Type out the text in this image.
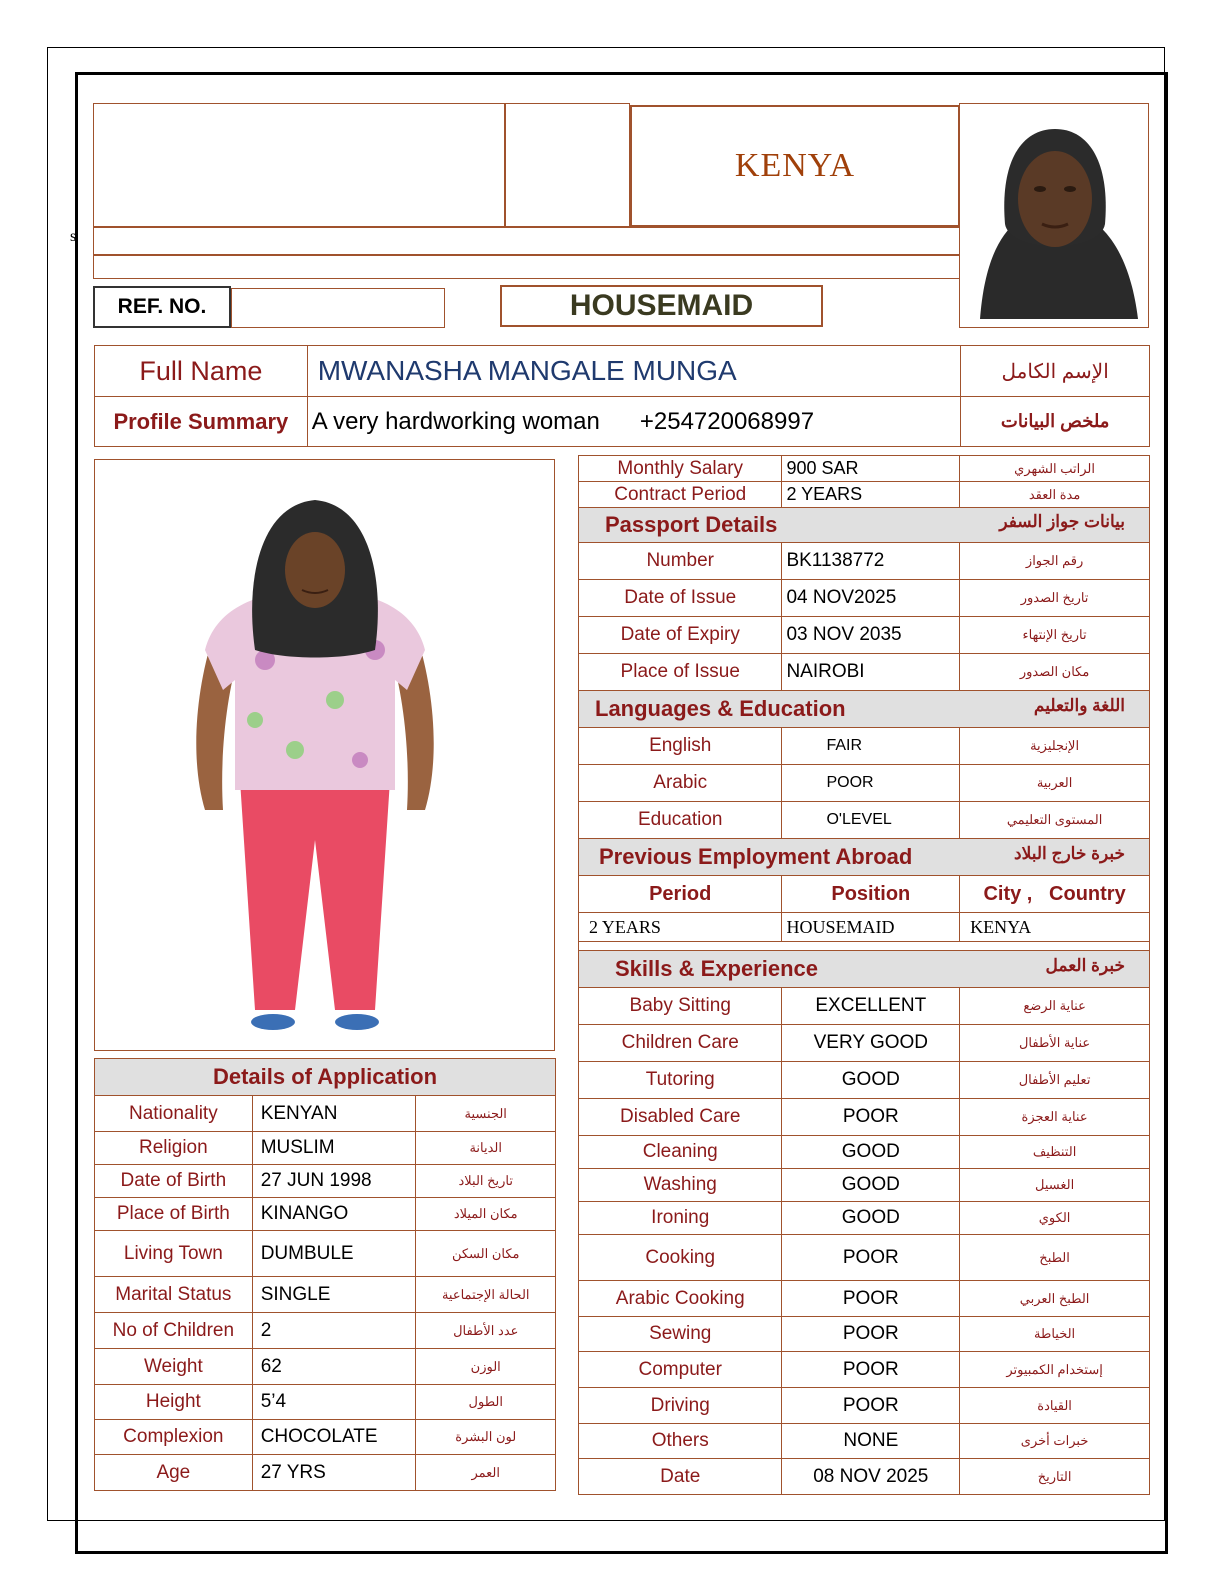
KENYA
s
REF. NO.	HOUSEMAID
Full Name	MWANASHA MANGALE MUNGA	الإسم الكامل
Profile Summary	A very hardworking woman      +254720068997	ملخص البيانات
Details of Application		
Nationality	KENYAN	الجنسية
Religion	MUSLIM	الديانة
Date of Birth	27 JUN 1998	تاريخ البلاد
Place of Birth	KINANGO	مكان الميلاد
Living Town	DUMBULE	مكان السكن
Marital Status	SINGLE	الحالة الإجتماعية
No of Children	2	عدد الأطفال
Weight	62	الوزن
Height	5’4	الطول
Complexion	CHOCOLATE	لون البشرة
Age	27 YRS	العمر
Monthly Salary	900 SAR	الراتب الشهري
Contract Period	2 YEARS	مدة العقد
Passport Details بيانات جواز السفر		

Number	BK1138772	رقم الجواز
Date of Issue	04 NOV2025	تاريخ الصدور
Date of Expiry	03 NOV 2035	تاريخ الإنتهاء
Place of Issue	NAIROBI	مكان الصدور
Languages & Education اللغة والتعليم		

English	FAIR	الإنجليزية
Arabic	POOR	العربية
Education	O'LEVEL	المستوى التعليمي
Previous Employment Abroad خبرة خارج البلاد		

Period	Position	City ,   Country
2 YEARS	HOUSEMAID	KENYA

Skills & Experience خبرة العمل		

Baby Sitting	EXCELLENT	عناية الرضع
Children Care	VERY GOOD	عناية الأطفال
Tutoring	GOOD	تعليم الأطفال
Disabled Care	POOR	عناية العجزة
Cleaning	GOOD	التنظيف
Washing	GOOD	الغسيل
Ironing	GOOD	الكوي
Cooking	POOR	الطبخ
Arabic Cooking	POOR	الطبخ العربي
Sewing	POOR	الخياطة
Computer	POOR	إستخدام الكمبيوتر
Driving	POOR	القيادة
Others	NONE	خبرات أخرى
Date	08 NOV 2025	التاريخ
